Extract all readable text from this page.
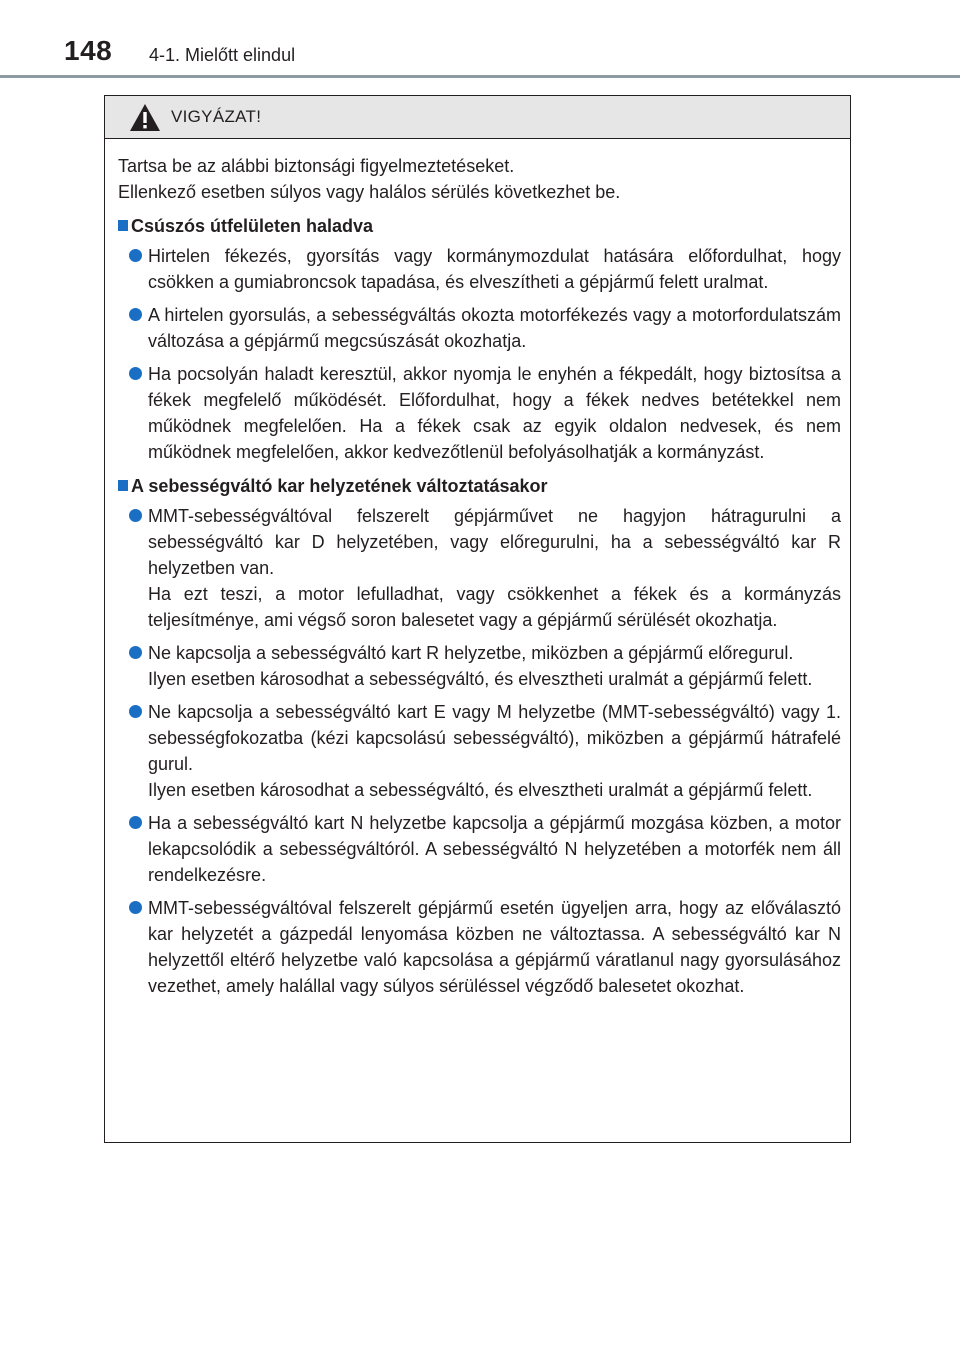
148 4-1. Mielőtt elindul
VIGYÁZAT!

Tartsa be az alábbi biztonsági figyelmeztetéseket.

Ellenkező esetben súlyos vagy halálos sérülés következhet be.

Csúszós útfelületen haladva

Hirtelen fékezés, gyorsítás vagy kormánymozdulat hatására előfordulhat, hogy csökken a gumiabroncsok tapadása, és elveszítheti a gépjármű felett uralmat.

A hirtelen gyorsulás, a sebességváltás okozta motorfékezés vagy a motorfordulatszám változása a gépjármű megcsúszását okozhatja.

Ha pocsolyán haladt keresztül, akkor nyomja le enyhén a fékpedált, hogy biztosítsa a fékek megfelelő működését. Előfordulhat, hogy a fékek nedves betétekkel nem működnek megfelelően. Ha a fékek csak az egyik oldalon nedvesek, és nem működnek megfelelően, akkor kedvezőtlenül befolyásolhatják a kormányzást.

A sebességváltó kar helyzetének változtatásakor

MMT-sebességváltóval felszerelt gépjárművet ne hagyjon hátragurulni a sebességváltó kar D helyzetében, vagy előregurulni, ha a sebességváltó kar R helyzetben van.

Ha ezt teszi, a motor lefulladhat, vagy csökkenhet a fékek és a kormányzás teljesítménye, ami végső soron balesetet vagy a gépjármű sérülését okozhatja.

Ne kapcsolja a sebességváltó kart R helyzetbe, miközben a gépjármű előregurul.

Ilyen esetben károsodhat a sebességváltó, és elvesztheti uralmát a gépjármű felett.

Ne kapcsolja a sebességváltó kart E vagy M helyzetbe (MMT-sebességváltó) vagy 1. sebességfokozatba (kézi kapcsolású sebességváltó), miközben a gépjármű hátrafelé gurul.

Ilyen esetben károsodhat a sebességváltó, és elvesztheti uralmát a gépjármű felett.

Ha a sebességváltó kart N helyzetbe kapcsolja a gépjármű mozgása közben, a motor lekapcsolódik a sebességváltóról. A sebességváltó N helyzetében a motorfék nem áll rendelkezésre.

MMT-sebességváltóval felszerelt gépjármű esetén ügyeljen arra, hogy az előválasztó kar helyzetét a gázpedál lenyomása közben ne változtassa. A sebességváltó kar N helyzettől eltérő helyzetbe való kapcsolása a gépjármű váratlanul nagy gyorsulásához vezethet, amely halállal vagy súlyos sérüléssel végződő balesetet okozhat.
